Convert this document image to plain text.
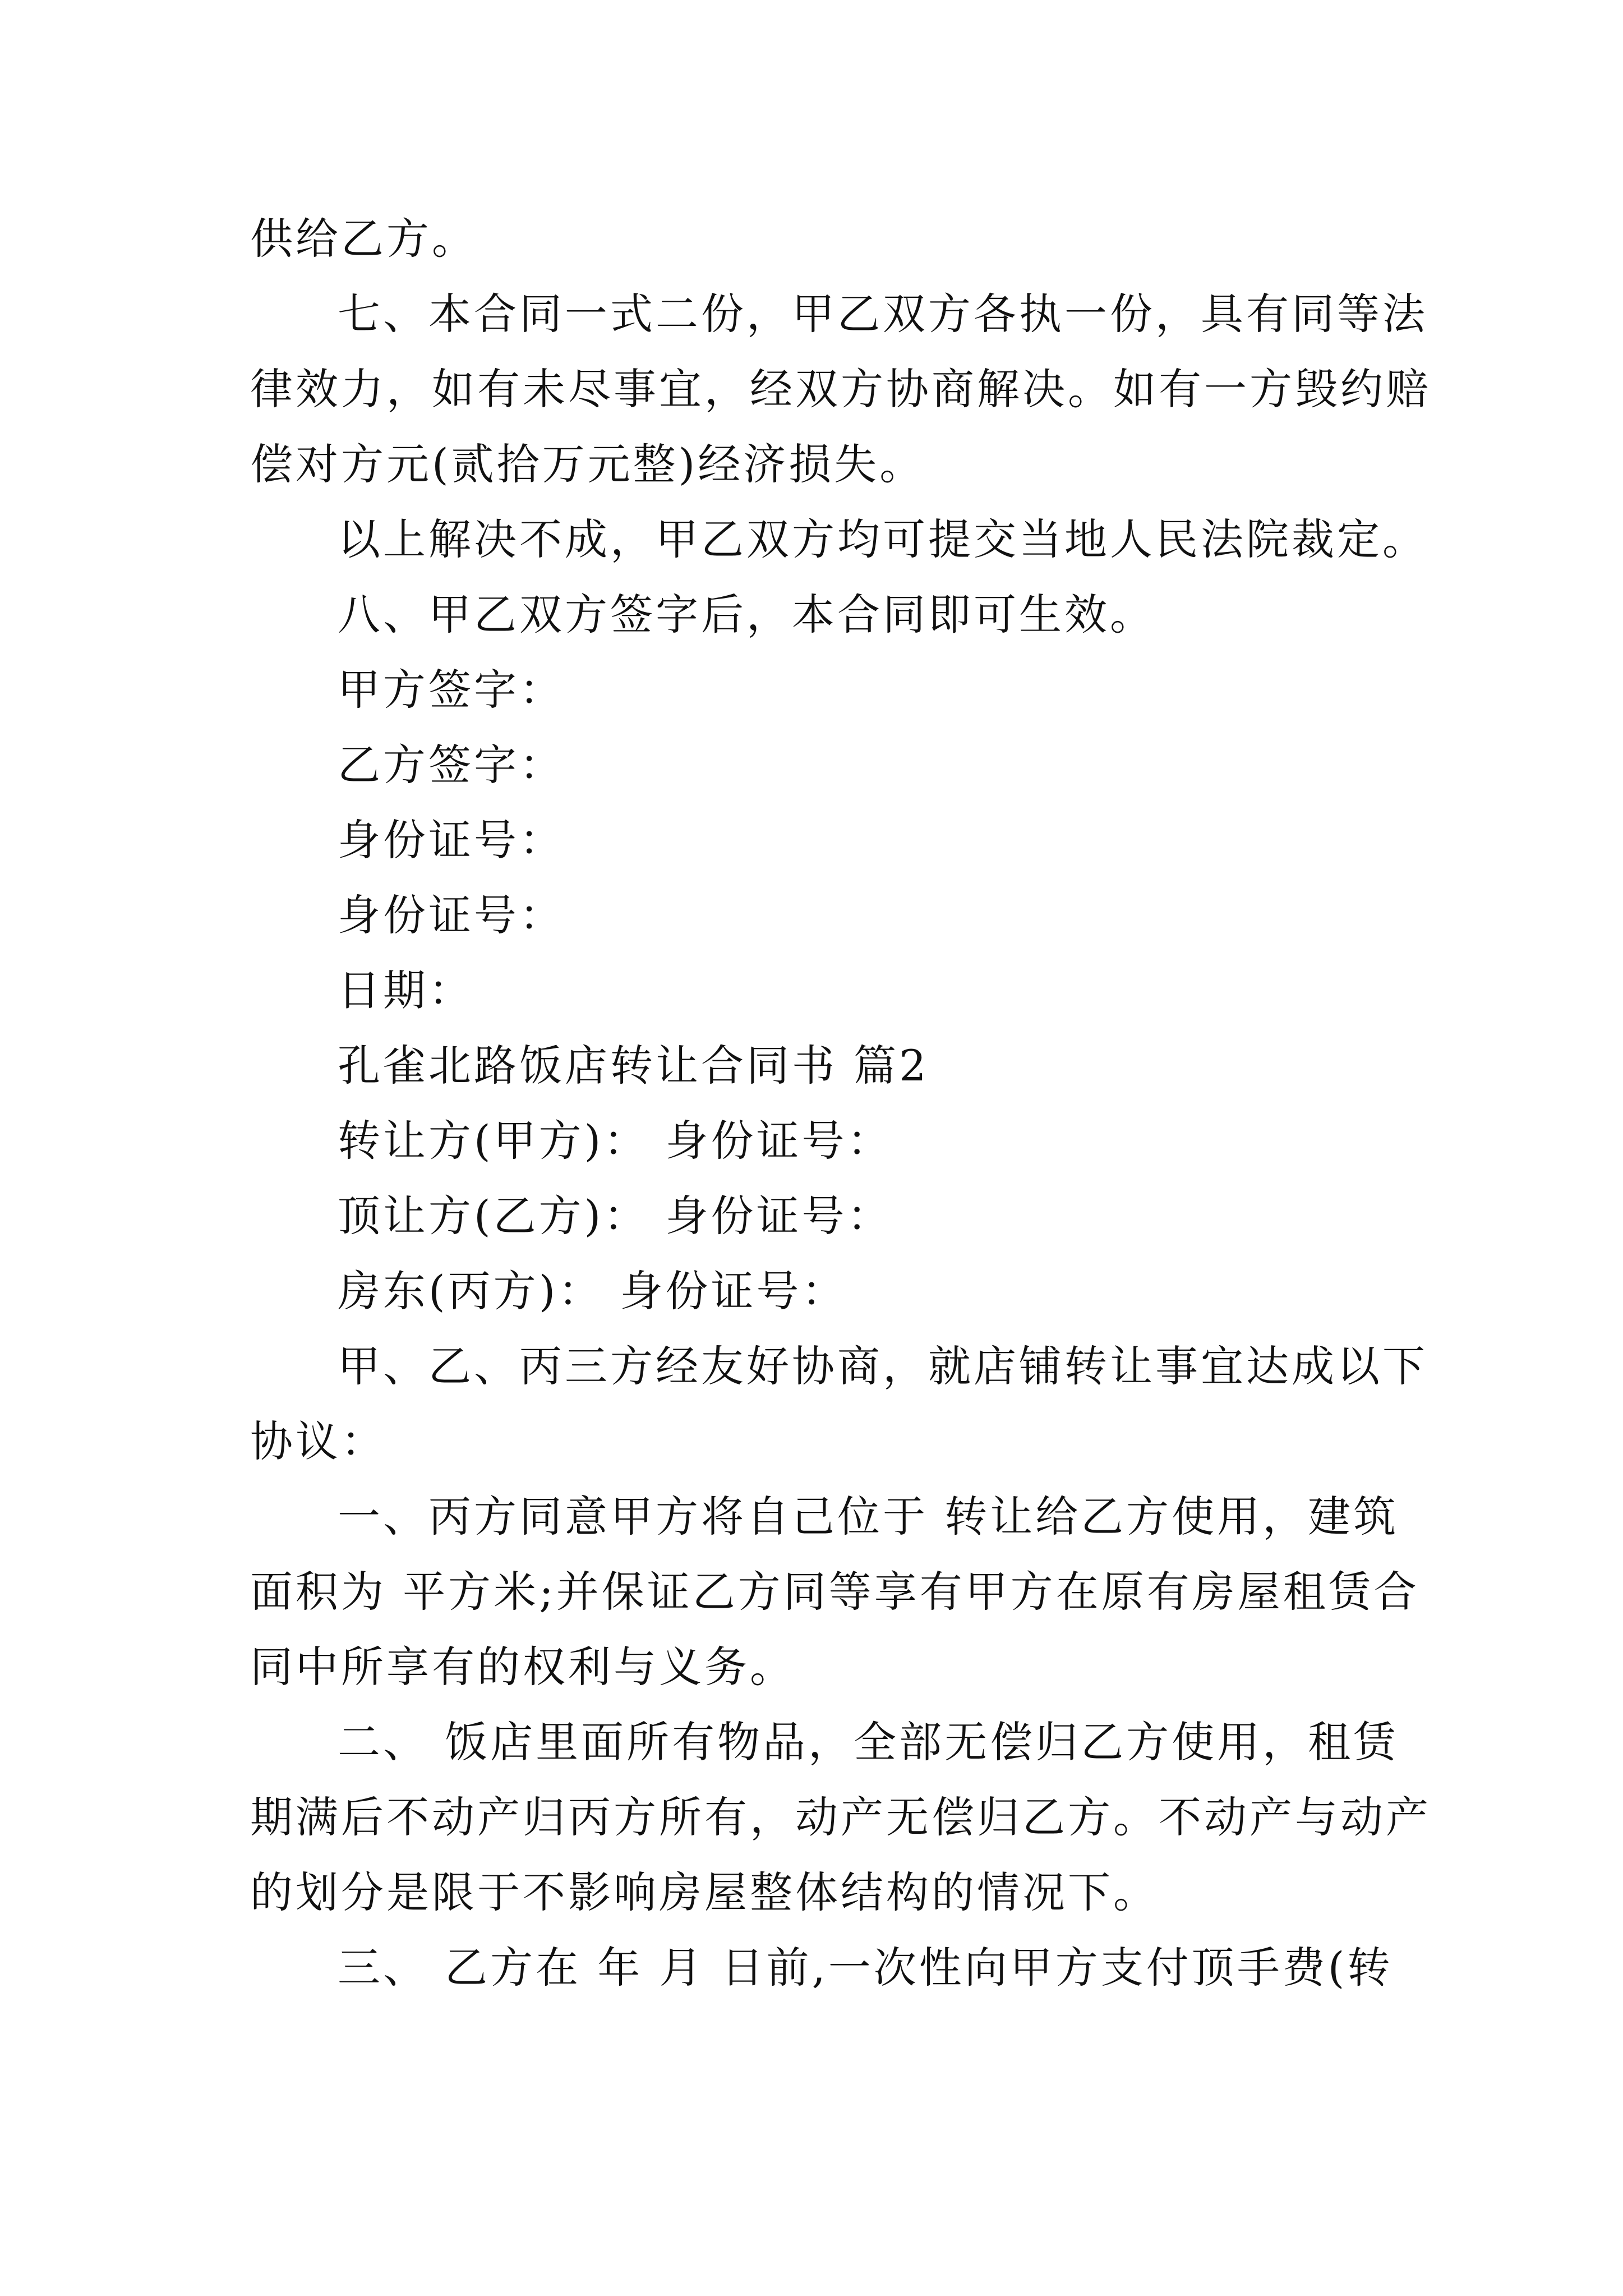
供给乙方。
七、本合同一式二份，甲乙双方各执一份，具有同等法
律效力，如有未尽事宜，经双方协商解决。如有一方毁约赔
偿对方元(贰拾万元整)经济损失。
以上解决不成，甲乙双方均可提交当地人民法院裁定。
八、甲乙双方签字后，本合同即可生效。
甲方签字：
乙方签字：
身份证号：
身份证号：
日期：
孔雀北路饭店转让合同书 篇2
转让方(甲方)： 身份证号：
顶让方(乙方)： 身份证号：
房东(丙方)： 身份证号：
甲、乙、丙三方经友好协商，就店铺转让事宜达成以下
协议：
一、丙方同意甲方将自己位于 转让给乙方使用，建筑
面积为 平方米;并保证乙方同等享有甲方在原有房屋租赁合
同中所享有的权利与义务。
二、 饭店里面所有物品，全部无偿归乙方使用，租赁
期满后不动产归丙方所有，动产无偿归乙方。不动产与动产
的划分是限于不影响房屋整体结构的情况下。
三、 乙方在 年 月 日前,一次性向甲方支付顶手费(转
